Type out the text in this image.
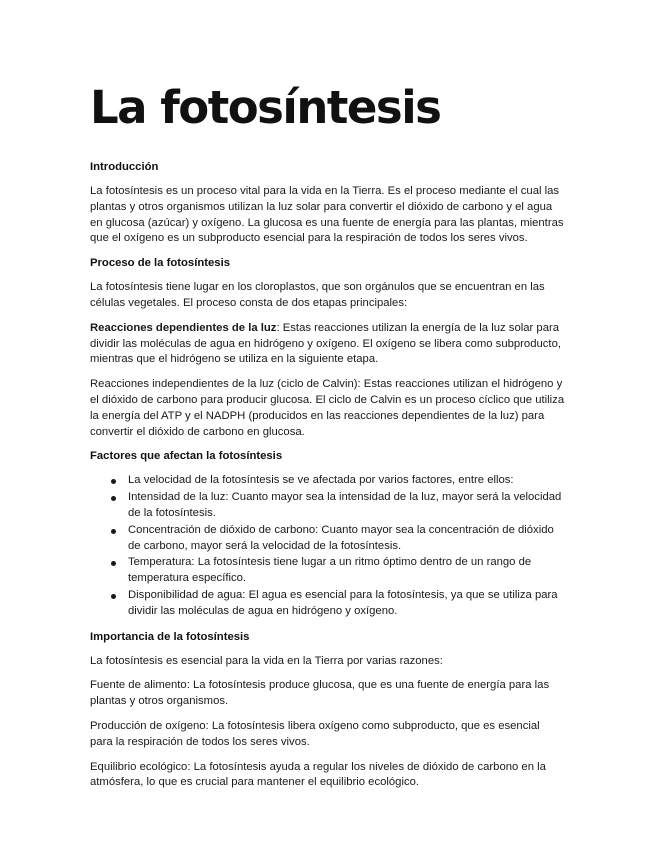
La fotosíntesis
Introducción

La fotosíntesis es un proceso vital para la vida en la Tierra. Es el proceso mediante el cual las plantas y otros organismos utilizan la luz solar para convertir el dióxido de carbono y el agua en glucosa (azúcar) y oxígeno. La glucosa es una fuente de energía para las plantas, mientras que el oxígeno es un subproducto esencial para la respiración de todos los seres vivos.

Proceso de la fotosíntesis

La fotosíntesis tiene lugar en los cloroplastos, que son orgánulos que se encuentran en las células vegetales. El proceso consta de dos etapas principales:

Reacciones dependientes de la luz: Estas reacciones utilizan la energía de la luz solar para dividir las moléculas de agua en hidrógeno y oxígeno. El oxígeno se libera como subproducto, mientras que el hidrógeno se utiliza en la siguiente etapa.

Reacciones independientes de la luz (ciclo de Calvin): Estas reacciones utilizan el hidrógeno y el dióxido de carbono para producir glucosa. El ciclo de Calvin es un proceso cíclico que utiliza la energía del ATP y el NADPH (producidos en las reacciones dependientes de la luz) para convertir el dióxido de carbono en glucosa.

Factores que afectan la fotosíntesis
La velocidad de la fotosíntesis se ve afectada por varios factores, entre ellos:
Intensidad de la luz: Cuanto mayor sea la intensidad de la luz, mayor será la velocidad de la fotosíntesis.
Concentración de dióxido de carbono: Cuanto mayor sea la concentración de dióxido de carbono, mayor será la velocidad de la fotosíntesis.
Temperatura: La fotosíntesis tiene lugar a un ritmo óptimo dentro de un rango de temperatura específico.
Disponibilidad de agua: El agua es esencial para la fotosíntesis, ya que se utiliza para dividir las moléculas de agua en hidrógeno y oxígeno.
Importancia de la fotosíntesis

La fotosíntesis es esencial para la vida en la Tierra por varias razones:

Fuente de alimento: La fotosíntesis produce glucosa, que es una fuente de energía para las plantas y otros organismos.

Producción de oxígeno: La fotosíntesis libera oxígeno como subproducto, que es esencial para la respiración de todos los seres vivos.

Equilibrio ecológico: La fotosíntesis ayuda a regular los niveles de dióxido de carbono en la atmósfera, lo que es crucial para mantener el equilibrio ecológico.
